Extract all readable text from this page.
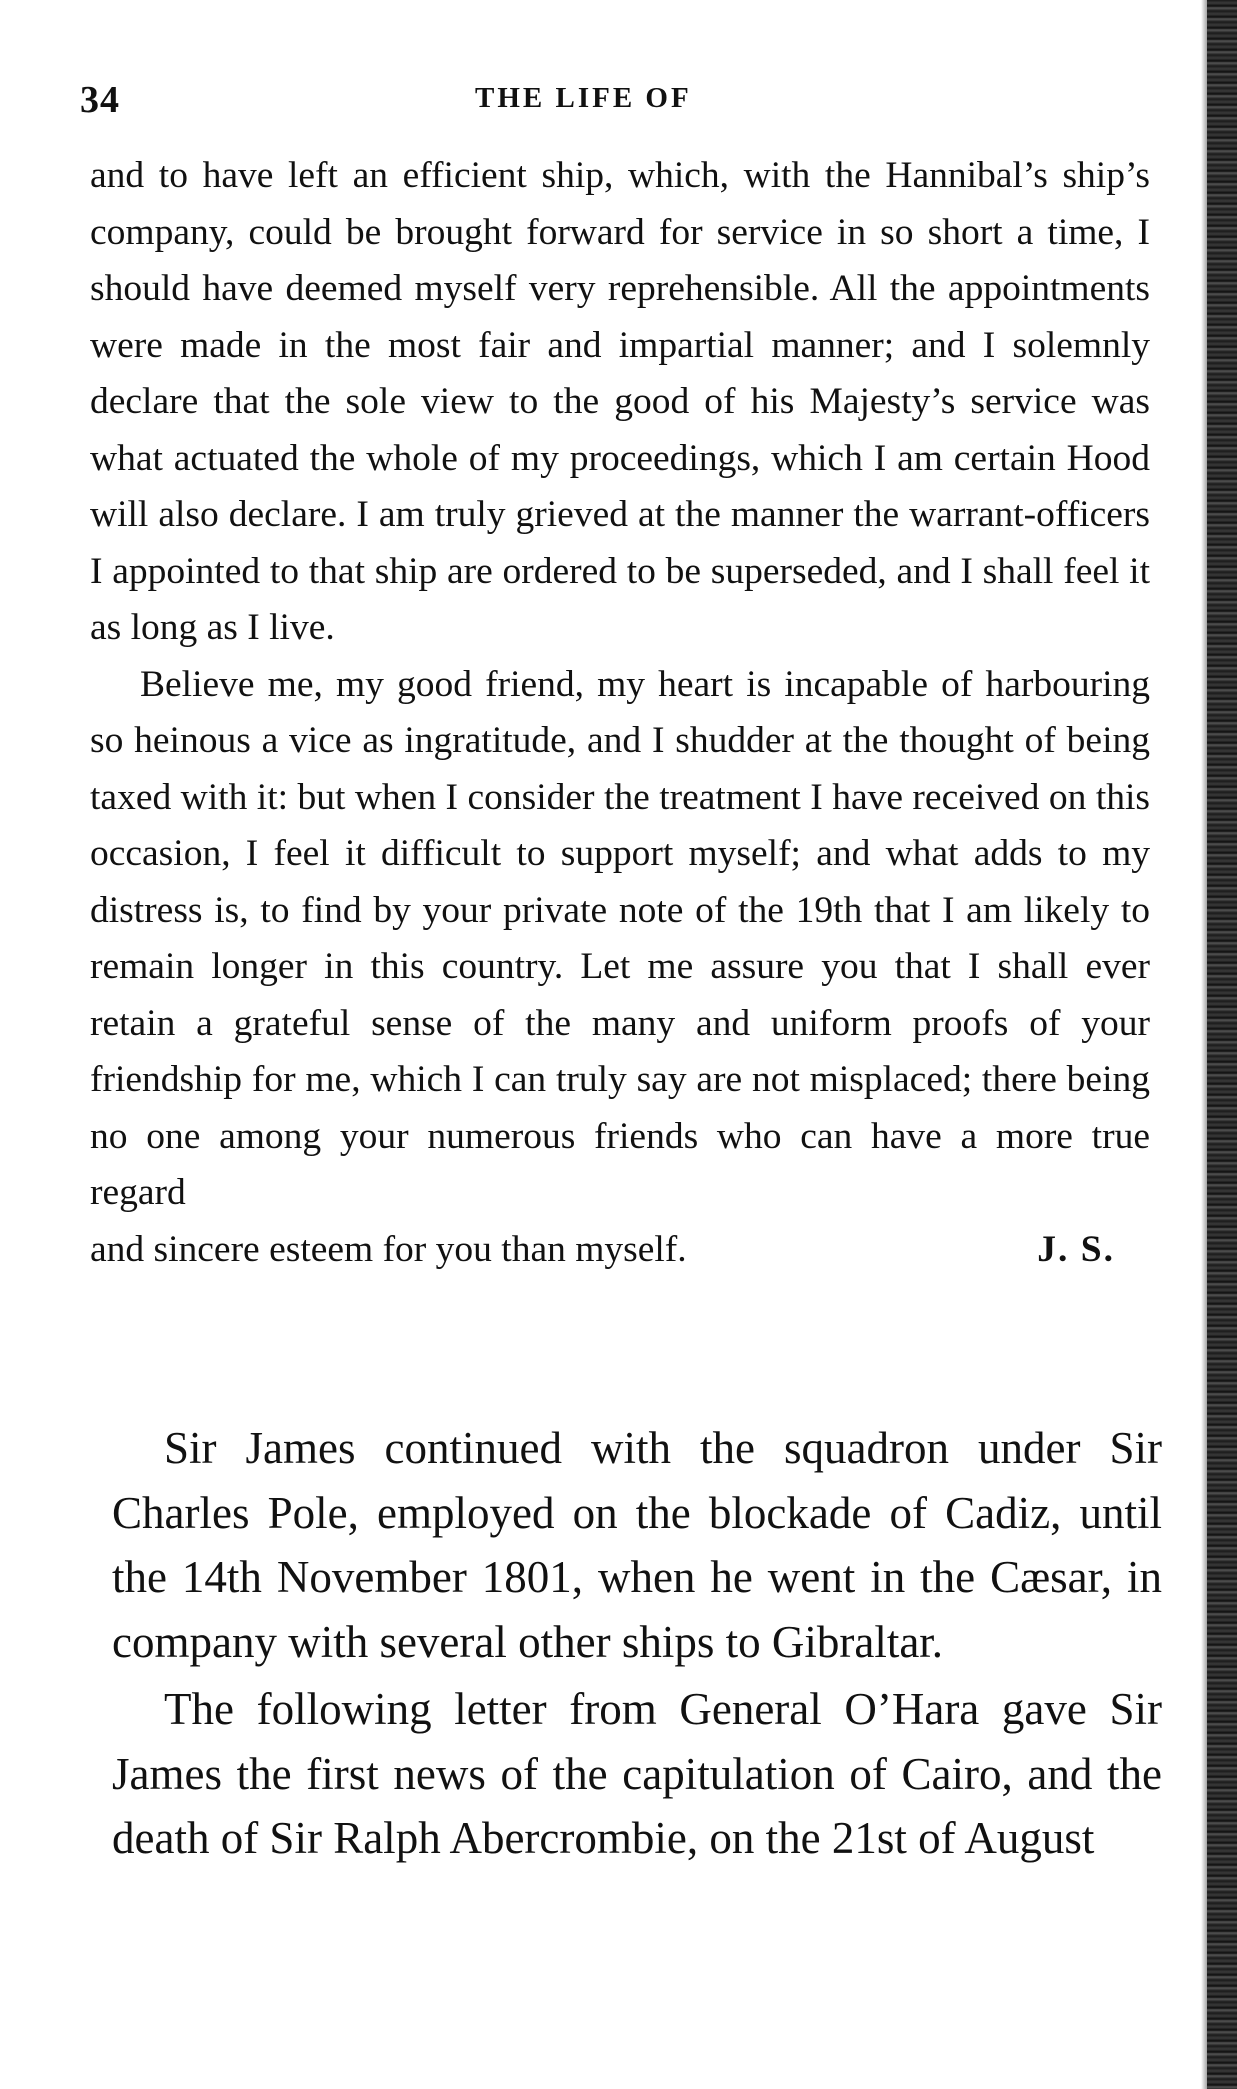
34	THE LIFE OF

and to have left an efficient ship, which, with the Hannibal’s ship’s company, could be brought forward for service in so short a time, I should have deemed myself very reprehensible. All the appointments were made in the most fair and impartial manner; and I solemnly declare that the sole view to the good of his Majesty’s service was what actuated the whole of my proceedings, which I am certain Hood will also declare. I am truly grieved at the manner the warrant-officers I appointed to that ship are ordered to be superseded, and I shall feel it as long as I live.

Believe me, my good friend, my heart is incapable of harbouring so heinous a vice as ingratitude, and I shudder at the thought of being taxed with it: but when I consider the treatment I have received on this occasion, I feel it difficult to support myself; and what adds to my distress is, to find by your private note of the 19th that I am likely to remain longer in this country. Let me assure you that I shall ever retain a grateful sense of the many and uniform proofs of your friendship for me, which I can truly say are not misplaced; there being no one among your numerous friends who can have a more true regard

and sincere esteem for you than myself.	J. S.

Sir James continued with the squadron under Sir Charles Pole, employed on the blockade of Cadiz, until the 14th November 1801, when he went in the Cæsar, in company with several other ships to Gibraltar.

The following letter from General O’Hara gave Sir James the first news of the capitulation of Cairo, and the death of Sir Ralph Abercrombie, on the 21st of August
